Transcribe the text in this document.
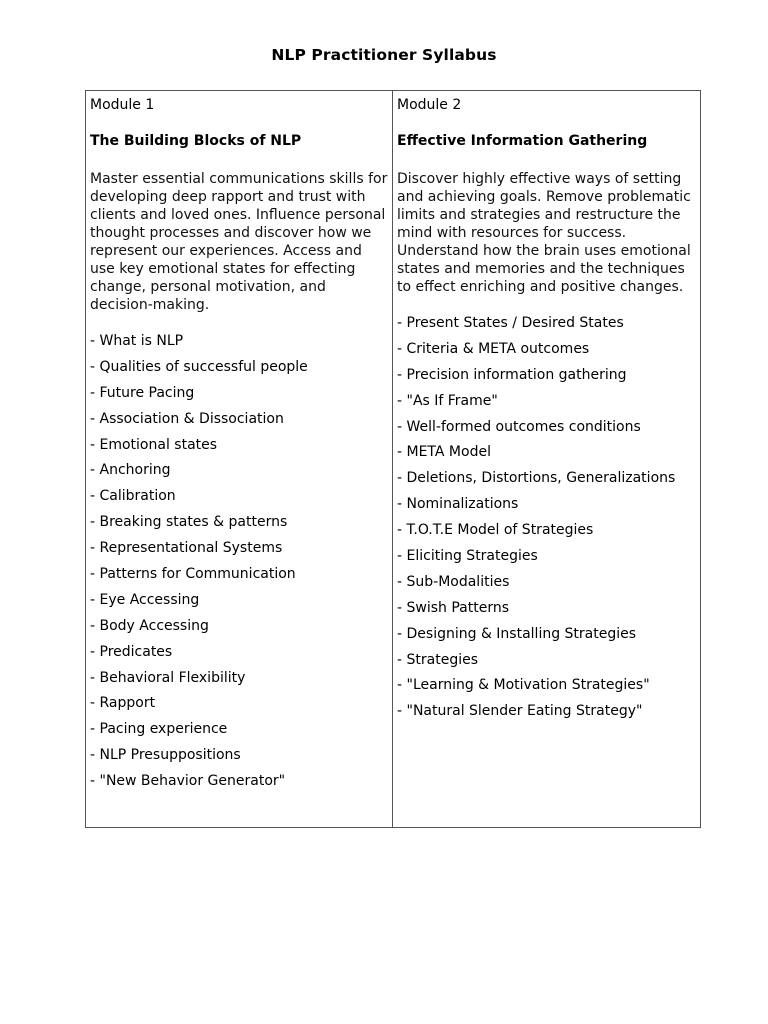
NLP Practitioner Syllabus
Module 1
The Building Blocks of NLP
Master essential communications skills for developing deep rapport and trust with clients and loved ones. Influence personal thought processes and discover how we represent our experiences. Access and use key emotional states for effecting change, personal motivation, and decision-making.
- What is NLP
- Qualities of successful people
- Future Pacing
- Association & Dissociation
- Emotional states
- Anchoring
- Calibration
- Breaking states & patterns
- Representational Systems
- Patterns for Communication
- Eye Accessing
- Body Accessing
- Predicates
- Behavioral Flexibility
- Rapport
- Pacing experience
- NLP Presuppositions
- "New Behavior Generator"

Module 2
Effective Information Gathering
Discover highly effective ways of setting and achieving goals. Remove problematic limits and strategies and restructure the mind with resources for success. Understand how the brain uses emotional states and memories and the techniques to effect enriching and positive changes.
- Present States / Desired States
- Criteria & META outcomes
- Precision information gathering
- "As If Frame"
- Well-formed outcomes conditions
- META Model
- Deletions, Distortions, Generalizations
- Nominalizations
- T.O.T.E Model of Strategies
- Eliciting Strategies
- Sub-Modalities
- Swish Patterns
- Designing & Installing Strategies
- Strategies
- "Learning & Motivation Strategies"
- "Natural Slender Eating Strategy"
